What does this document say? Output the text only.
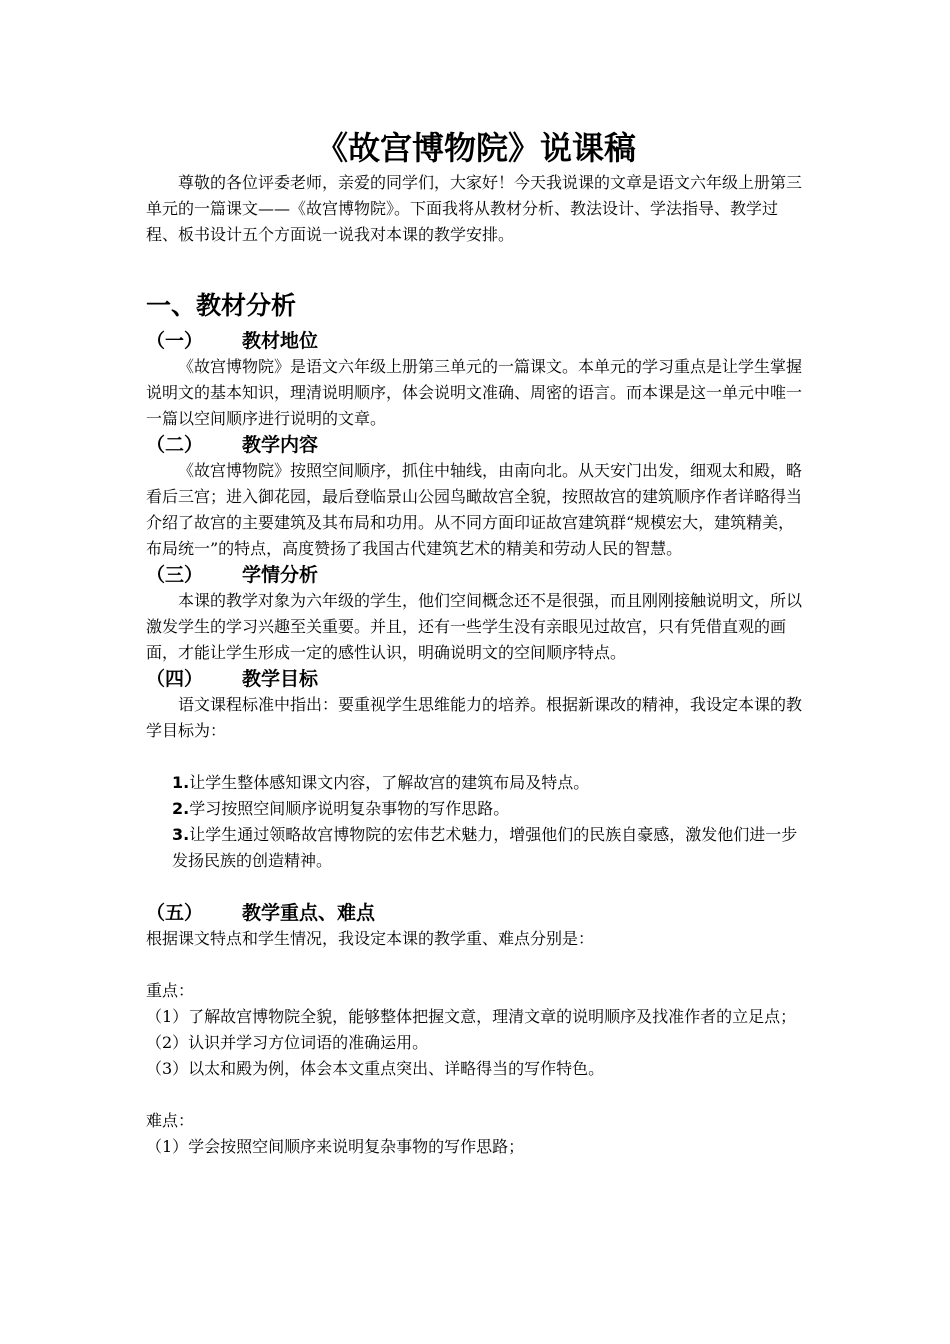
《故宫博物院》说课稿

尊敬的各位评委老师，亲爱的同学们，大家好！今天我说课的文章是语文六年级上册第三单元的一篇课文——《故宫博物院》。下面我将从教材分析、教法设计、学法指导、教学过程、板书设计五个方面说一说我对本课的教学安排。

一、教材分析
（一）	教材地位

《故宫博物院》是语文六年级上册第三单元的一篇课文。本单元的学习重点是让学生掌握说明文的基本知识，理清说明顺序，体会说明文准确、周密的语言。而本课是这一单元中唯一一篇以空间顺序进行说明的文章。

（二）	教学内容

《故宫博物院》按照空间顺序，抓住中轴线，由南向北。从天安门出发，细观太和殿，略看后三宫；进入御花园，最后登临景山公园鸟瞰故宫全貌，按照故宫的建筑顺序作者详略得当介绍了故宫的主要建筑及其布局和功用。从不同方面印证故宫建筑群“规模宏大，建筑精美，布局统一”的特点，高度赞扬了我国古代建筑艺术的精美和劳动人民的智慧。

（三）	学情分析

本课的教学对象为六年级的学生，他们空间概念还不是很强，而且刚刚接触说明文，所以激发学生的学习兴趣至关重要。并且，还有一些学生没有亲眼见过故宫，只有凭借直观的画面，才能让学生形成一定的感性认识，明确说明文的空间顺序特点。

（四）	教学目标

语文课程标准中指出：要重视学生思维能力的培养。根据新课改的精神，我设定本课的教学目标为：

1.让学生整体感知课文内容，了解故宫的建筑布局及特点。
2.学习按照空间顺序说明复杂事物的写作思路。
3.让学生通过领略故宫博物院的宏伟艺术魅力，增强他们的民族自豪感，激发他们进一步发扬民族的创造精神。
（五）	教学重点、难点

根据课文特点和学生情况，我设定本课的教学重、难点分别是：

重点：

（1）了解故宫博物院全貌，能够整体把握文意，理清文章的说明顺序及找准作者的立足点；

（2）认识并学习方位词语的准确运用。

（3）以太和殿为例，体会本文重点突出、详略得当的写作特色。

难点：

（1）学会按照空间顺序来说明复杂事物的写作思路；
